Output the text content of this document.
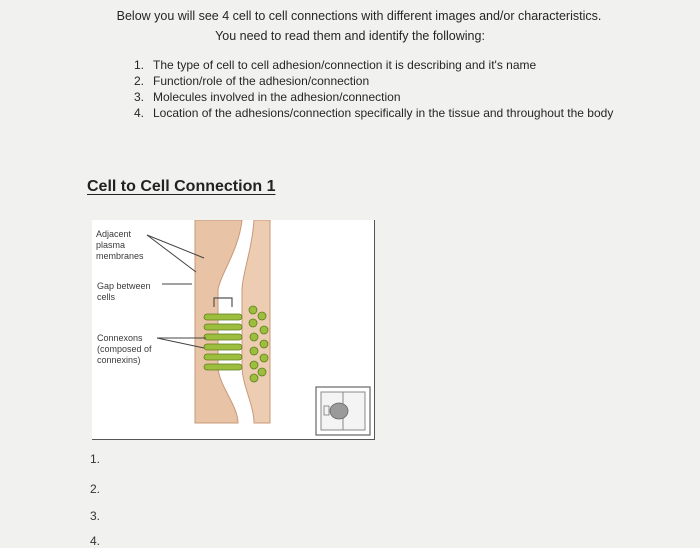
Below you will see 4 cell to cell connections with different images and/or characteristics.

You need to read them and identify the following:

1. The type of cell to cell adhesion/connection it is describing and it's name
2. Function/role of the adhesion/connection
3. Molecules involved in the adhesion/connection
4. Location of the adhesions/connection specifically in the tissue and throughout the body
Cell to Cell Connection 1
Adjacent plasma membranes
Gap between cells
Connexons (composed of connexins)
1.
2.
3.
4.
